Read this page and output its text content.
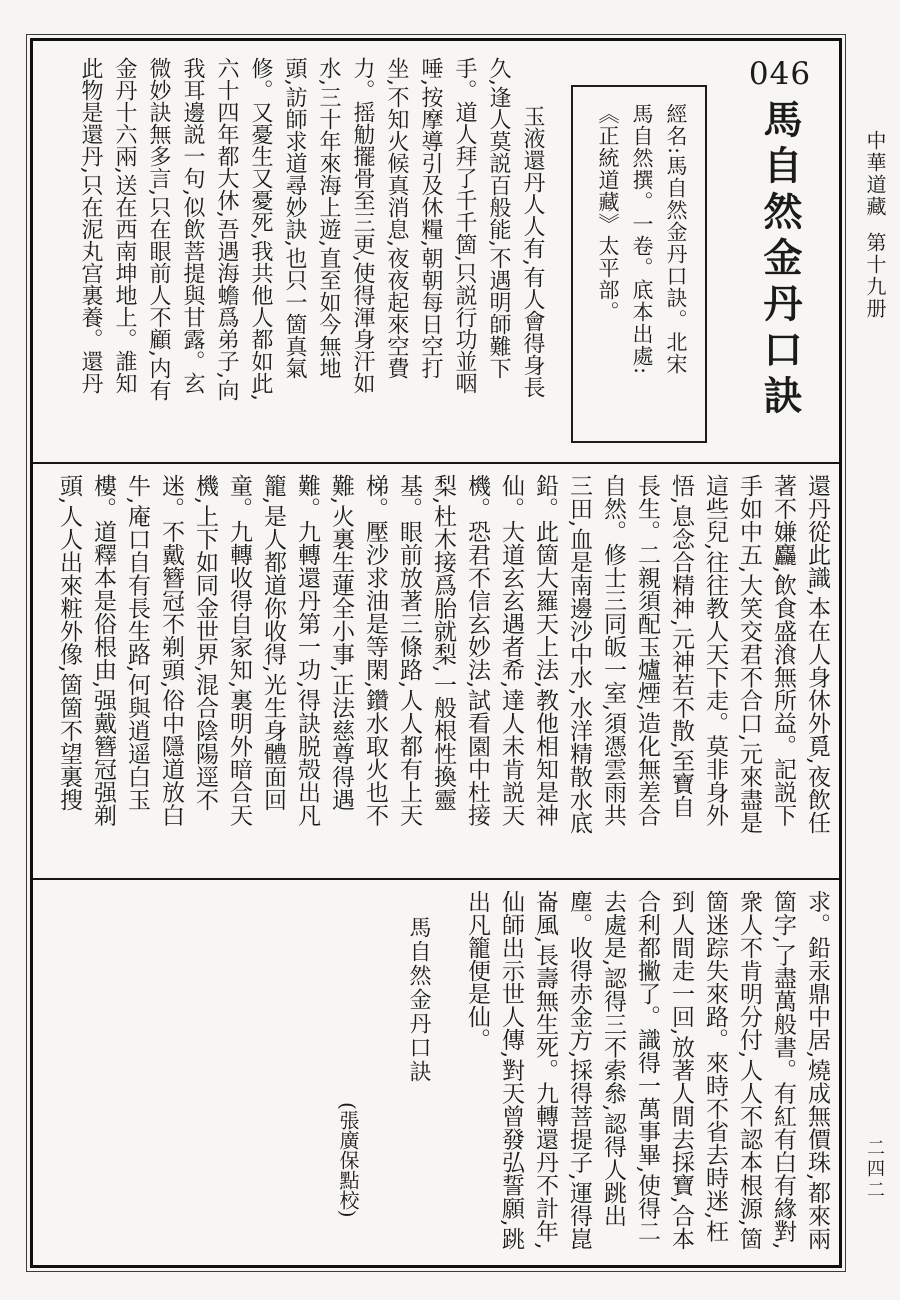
中華道藏
第十九册
二四二
046
馬自然金丹口訣
經名:馬自然金丹口訣。北宋
馬自然撰。一卷。底本出處:
《正統道藏》太平部。
玉液還丹人人有,有人會得身長
久,逢人莫説百般能,不遇明師難下
手。道人拜了千千箇,只説行功並咽
唾,按摩導引及休糧,朝朝每日空打
坐,不知火候真消息,夜夜起來空費
力。摇觔擺骨至三更,使得渾身汗如
水,三十年來海上遊,直至如今無地
頭,訪師求道尋妙訣,也只一箇真氣
修。又憂生又憂死,我共他人都如此,
六十四年都大休,吾遇海蟾爲弟子,向
我耳邊説一句,似飲菩提與甘露。玄
微妙訣無多言,只在眼前人不顧,内有
金丹十六兩,送在西南坤地上。誰知
此物是還丹,只在泥丸宫裏養。還丹
還丹從此識,本在人身休外覓,夜飲任
著不嫌麤,飲食盛湌無所益。記説下
手如中五,大笑交君不合口,元來盡是
這些兒,往往教人天下走。莫非身外
悟,息念合精神,元神若不散,至寶自
長生。二親須配玉爐煙,造化無差合
自然。修士三同皈一室,須憑雲雨共
三田,血是南邊沙中水,水洋精散水底
鉛。此箇大羅天上法,教他相知是神
仙。大道玄玄遇者希,達人未肯説天
機。恐君不信玄妙法,試看園中杜接
梨,杜木接爲胎就梨,一般根性換靈
基。眼前放著三條路,人人都有上天
梯。壓沙求油是等閑,鑽水取火也不
難,火裏生蓮全小事,正法慈尊得遇
難。九轉還丹第一功,得訣脱殻出凡
籠,是人都道你收得,光生身體面回
童。九轉收得自家知,裏明外暗合天
機,上下如同金世界,混合陰陽逕不
迷。不戴簪冠不剃頭,俗中隱道放白
牛,庵口自有長生路,何與逍遥白玉
樓。道釋本是俗根由,强戴簪冠强剃
頭,人人出來粧外像,箇箇不望裏搜
求。鉛汞鼎中居,燒成無價珠,都來兩
箇字,了盡萬般書。有紅有白有緣對,
衆人不肯明分付,人人不認本根源,箇
箇迷踪失來路。來時不省去時迷,枉
到人間走一回,放著人間去採寶,合本
合利都撇了。識得一萬事畢,使得二
去處是,認得三不索叅,認得人跳出
塵。收得赤金方,採得菩提子,運得崑
崙風,長壽無生死。九轉還丹不計年,
仙師出示世人傳,對天曾發弘誓願,跳
出凡籠便是仙。
馬自然金丹口訣
(張廣保點校)
